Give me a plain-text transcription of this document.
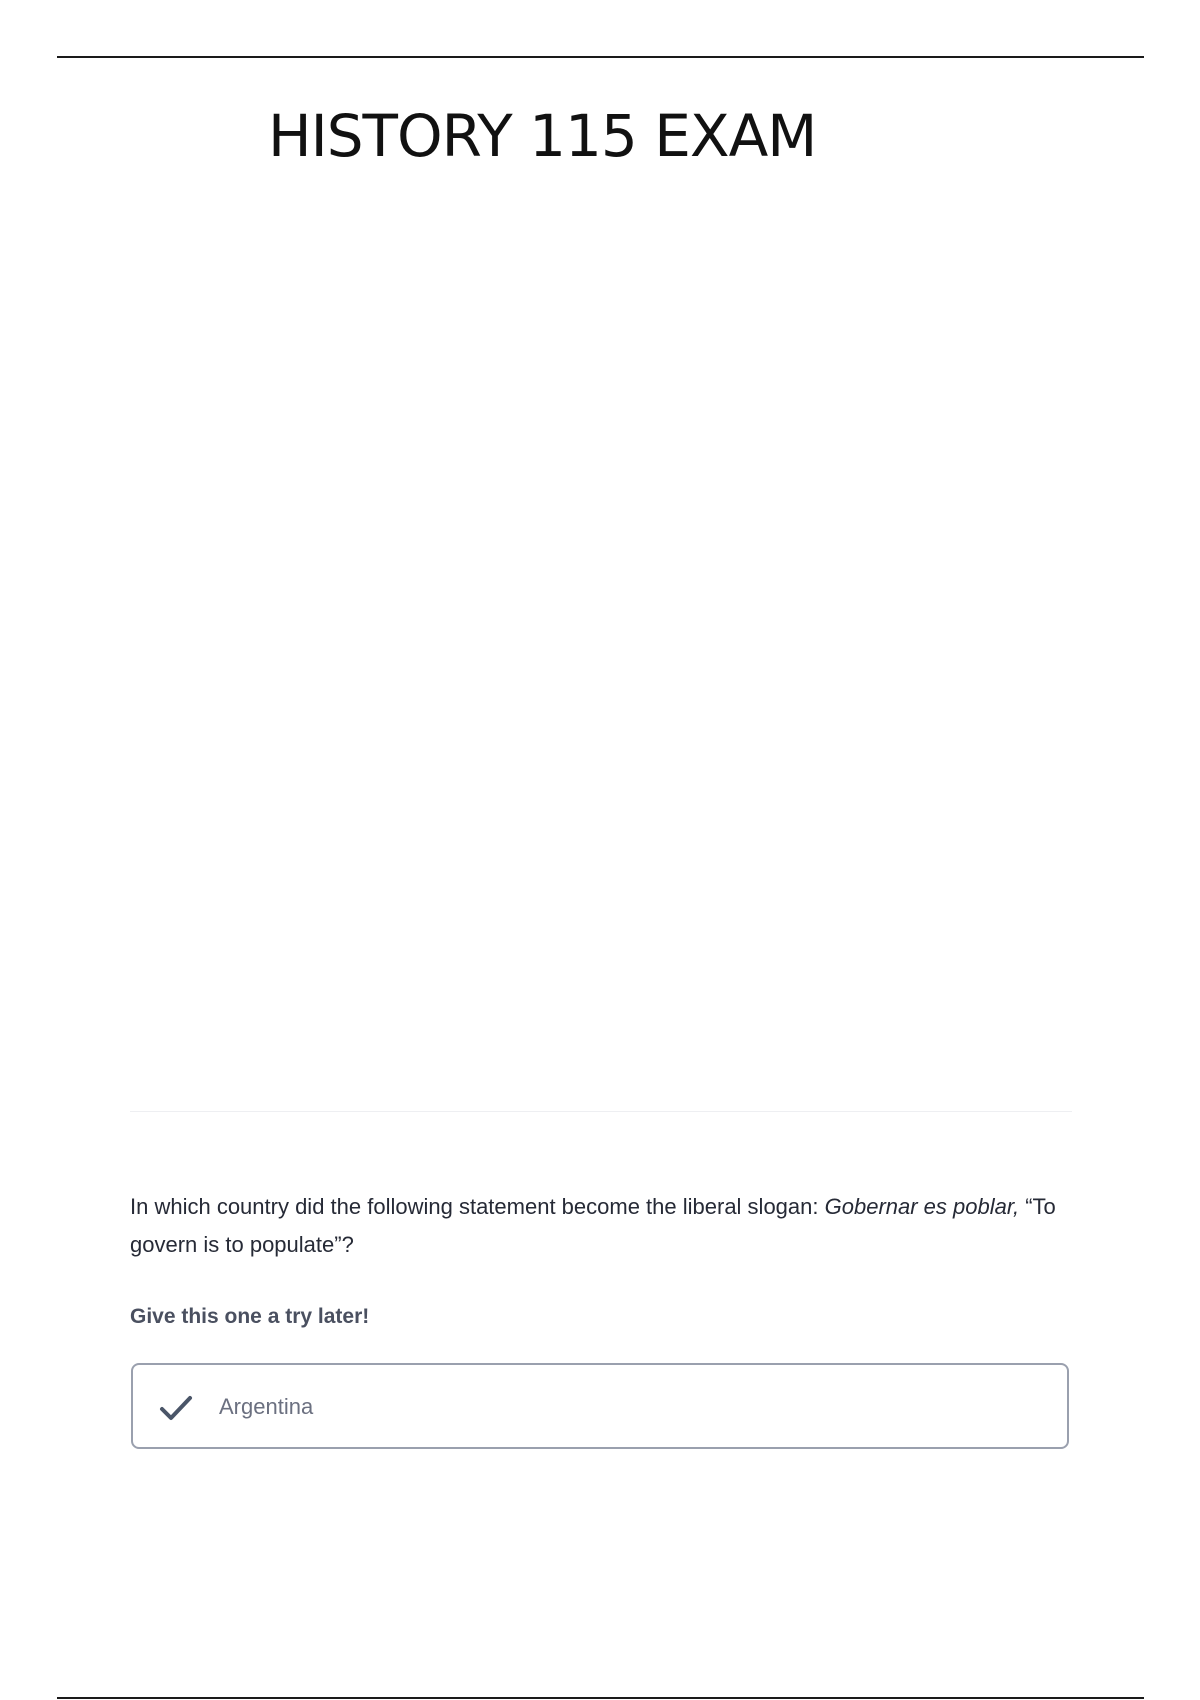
HISTORY 115 EXAM
In which country did the following statement become the liberal slogan: Gobernar es poblar, “To govern is to populate”?
Give this one a try later!
Argentina
